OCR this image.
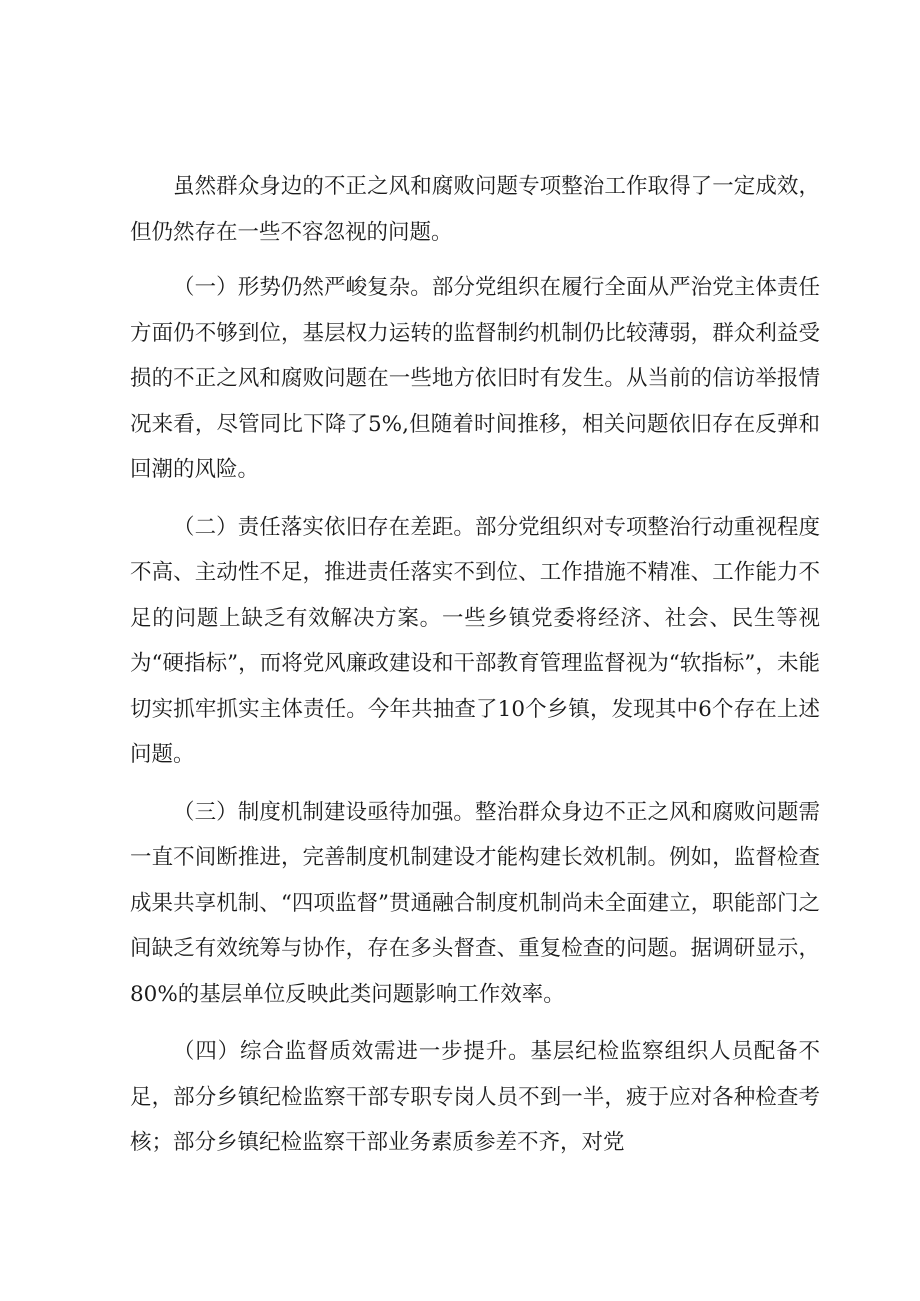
虽然群众身边的不正之风和腐败问题专项整治工作取得了一定成效，但仍然存在一些不容忽视的问题。

（一）形势仍然严峻复杂。部分党组织在履行全面从严治党主体责任方面仍不够到位，基层权力运转的监督制约机制仍比较薄弱，群众利益受损的不正之风和腐败问题在一些地方依旧时有发生。从当前的信访举报情况来看，尽管同比下降了5%,但随着时间推移，相关问题依旧存在反弹和回潮的风险。

（二）责任落实依旧存在差距。部分党组织对专项整治行动重视程度不高、主动性不足，推进责任落实不到位、工作措施不精准、工作能力不足的问题上缺乏有效解决方案。一些乡镇党委将经济、社会、民生等视为“硬指标”，而将党风廉政建设和干部教育管理监督视为“软指标”，未能切实抓牢抓实主体责任。今年共抽查了10个乡镇，发现其中6个存在上述问题。

（三）制度机制建设亟待加强。整治群众身边不正之风和腐败问题需一直不间断推进，完善制度机制建设才能构建长效机制。例如，监督检查成果共享机制、“四项监督”贯通融合制度机制尚未全面建立，职能部门之间缺乏有效统筹与协作，存在多头督查、重复检查的问题。据调研显示，80%的基层单位反映此类问题影响工作效率。

（四）综合监督质效需进一步提升。基层纪检监察组织人员配备不足，部分乡镇纪检监察干部专职专岗人员不到一半，疲于应对各种检查考核；部分乡镇纪检监察干部业务素质参差不齐，对党
